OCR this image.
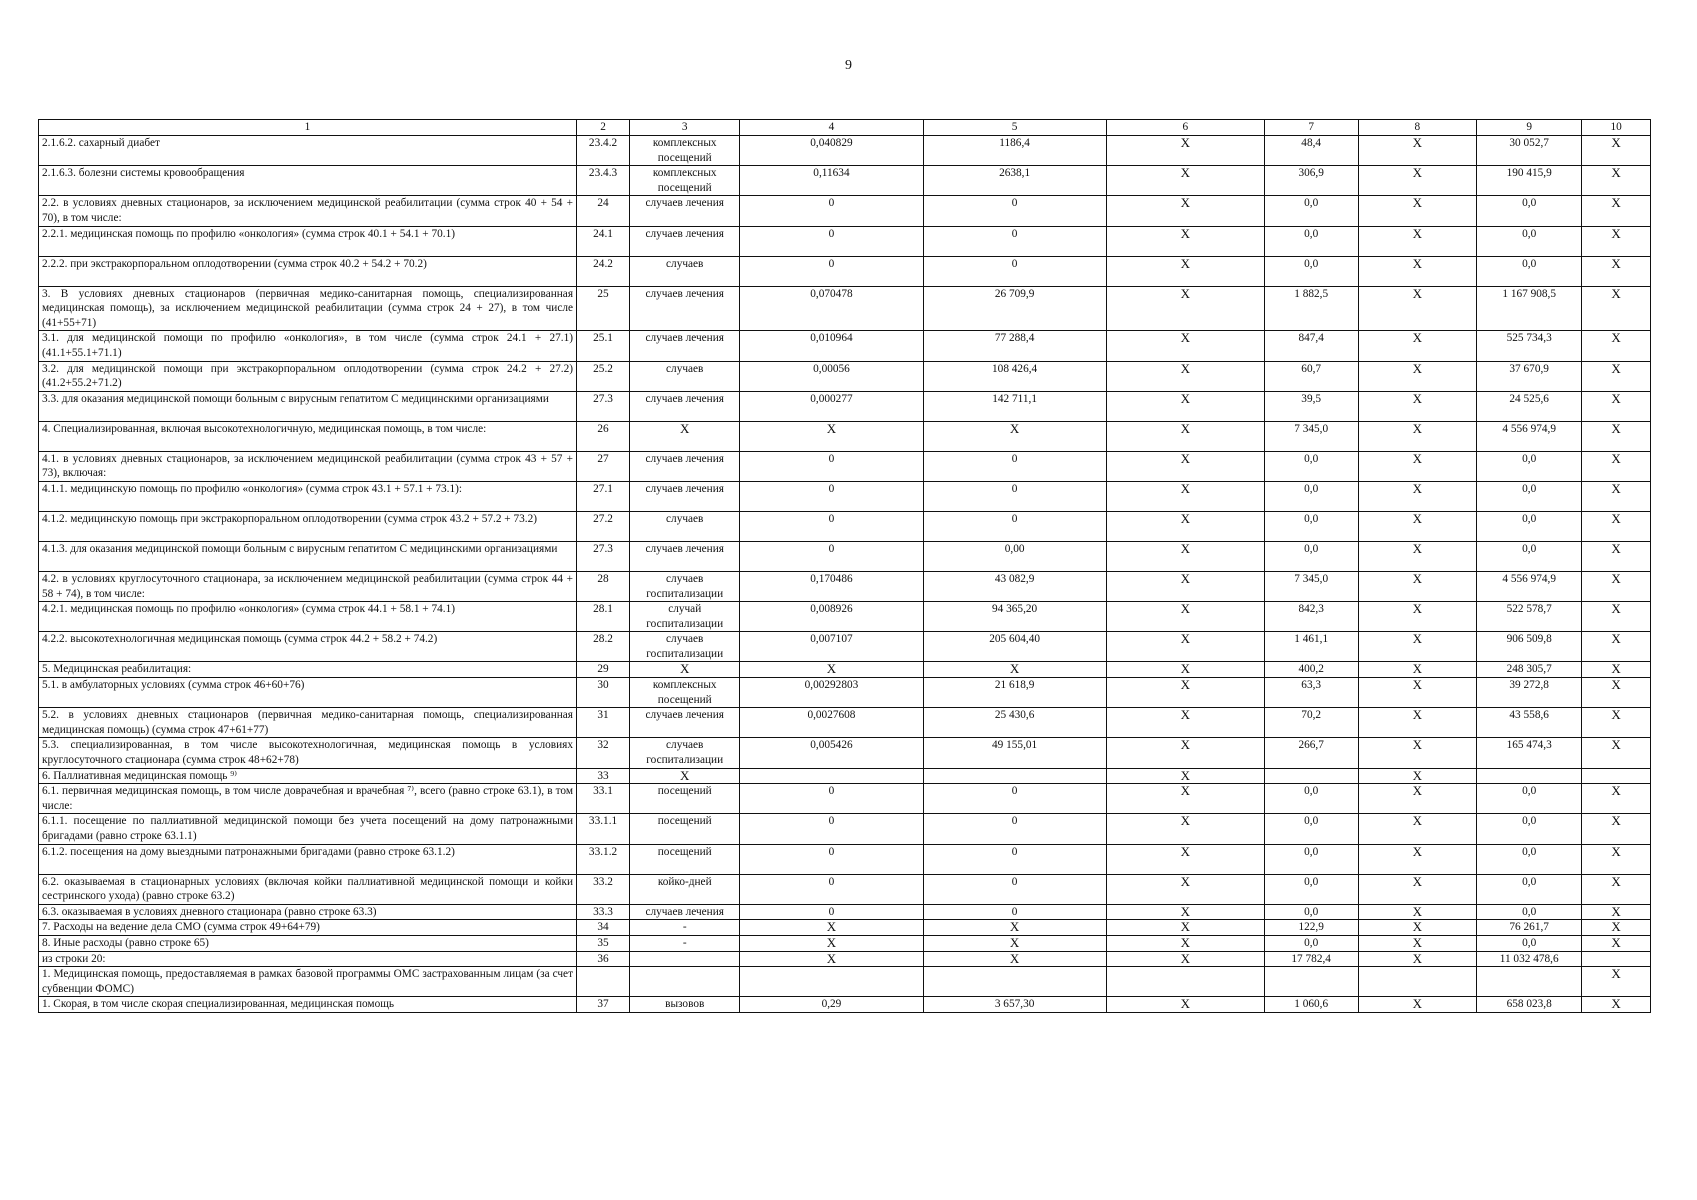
9
1	2	3	4	5	6	7	8	9	10
2.1.6.2. сахарный диабет	23.4.2	комплексных посещений	0,040829	1186,4	Х	48,4	Х	30 052,7	Х
2.1.6.3. болезни системы кровообращения	23.4.3	комплексных посещений	0,11634	2638,1	Х	306,9	Х	190 415,9	Х
2.2. в условиях дневных стационаров, за исключением медицинской реабилитации (сумма строк 40 + 54 + 70), в том числе:	24	случаев лечения	0	0	Х	0,0	Х	0,0	Х
2.2.1. медицинская помощь по профилю «онкология» (сумма строк 40.1 + 54.1 + 70.1)	24.1	случаев лечения	0	0	Х	0,0	Х	0,0	Х
2.2.2. при экстракорпоральном оплодотворении (сумма строк 40.2 + 54.2 + 70.2)	24.2	случаев	0	0	Х	0,0	Х	0,0	Х
3. В условиях дневных стационаров (первичная медико-санитарная помощь, специализированная медицинская помощь), за исключением медицинской реабилитации (сумма строк 24 + 27), в том числе (41+55+71)	25	случаев лечения	0,070478	26 709,9	Х	1 882,5	Х	1 167 908,5	Х
3.1. для медицинской помощи по профилю «онкология», в том числе (сумма строк 24.1 + 27.1) (41.1+55.1+71.1)	25.1	случаев лечения	0,010964	77 288,4	Х	847,4	Х	525 734,3	Х
3.2. для медицинской помощи при экстракорпоральном оплодотворении (сумма строк 24.2 + 27.2) (41.2+55.2+71.2)	25.2	случаев	0,00056	108 426,4	Х	60,7	Х	37 670,9	Х
3.3. для оказания медицинской помощи больным с вирусным гепатитом С медицинскими организациями	27.3	случаев лечения	0,000277	142 711,1	Х	39,5	Х	24 525,6	Х
4. Специализированная, включая высокотехнологичную, медицинская помощь, в том числе:	26	Х	Х	Х	Х	7 345,0	Х	4 556 974,9	Х
4.1. в условиях дневных стационаров, за исключением медицинской реабилитации (сумма строк 43 + 57 + 73), включая:	27	случаев лечения	0	0	Х	0,0	Х	0,0	Х
4.1.1. медицинскую помощь по профилю «онкология» (сумма строк 43.1 + 57.1 + 73.1):	27.1	случаев лечения	0	0	Х	0,0	Х	0,0	Х
4.1.2. медицинскую помощь при экстракорпоральном оплодотворении (сумма строк 43.2 + 57.2 + 73.2)	27.2	случаев	0	0	Х	0,0	Х	0,0	Х
4.1.3. для оказания медицинской помощи больным с вирусным гепатитом С медицинскими организациями	27.3	случаев лечения	0	0,00	Х	0,0	Х	0,0	Х
4.2. в условиях круглосуточного стационара, за исключением медицинской реабилитации (сумма строк 44 + 58 + 74), в том числе:	28	случаев госпитализации	0,170486	43 082,9	Х	7 345,0	Х	4 556 974,9	Х
4.2.1. медицинская помощь по профилю «онкология» (сумма строк 44.1 + 58.1 + 74.1)	28.1	случай госпитализации	0,008926	94 365,20	Х	842,3	Х	522 578,7	Х
4.2.2. высокотехнологичная медицинская помощь (сумма строк 44.2 + 58.2 + 74.2)	28.2	случаев госпитализации	0,007107	205 604,40	Х	1 461,1	Х	906 509,8	Х
5. Медицинская реабилитация:	29	Х	Х	Х	Х	400,2	Х	248 305,7	Х
5.1. в амбулаторных условиях (сумма строк 46+60+76)	30	комплексных посещений	0,00292803	21 618,9	Х	63,3	Х	39 272,8	Х
5.2. в условиях дневных стационаров (первичная медико-санитарная помощь, специализированная медицинская помощь) (сумма строк 47+61+77)	31	случаев лечения	0,0027608	25 430,6	Х	70,2	Х	43 558,6	Х
5.3. специализированная, в том числе высокотехнологичная, медицинская помощь в условиях круглосуточного стационара (сумма строк 48+62+78)	32	случаев госпитализации	0,005426	49 155,01	Х	266,7	Х	165 474,3	Х
6. Паллиативная медицинская помощь ⁹⁾	33	Х			Х		Х		
6.1. первичная медицинская помощь, в том числе доврачебная и врачебная ⁷⁾, всего (равно строке 63.1), в том числе:	33.1	посещений	0	0	Х	0,0	Х	0,0	Х
6.1.1. посещение по паллиативной медицинской помощи без учета посещений на дому патронажными бригадами (равно строке 63.1.1)	33.1.1	посещений	0	0	Х	0,0	Х	0,0	Х
6.1.2. посещения на дому выездными патронажными бригадами (равно строке 63.1.2)	33.1.2	посещений	0	0	Х	0,0	Х	0,0	Х
6.2. оказываемая в стационарных условиях (включая койки паллиативной медицинской помощи и койки сестринского ухода) (равно строке 63.2)	33.2	койко-дней	0	0	Х	0,0	Х	0,0	Х
6.3. оказываемая в условиях дневного стационара (равно строке 63.3)	33.3	случаев лечения	0	0	Х	0,0	Х	0,0	Х
7. Расходы на ведение дела СМО (сумма строк 49+64+79)	34	-	Х	Х	Х	122,9	Х	76 261,7	Х
8. Иные расходы (равно строке 65)	35	-	Х	Х	Х	0,0	Х	0,0	Х
из строки 20:	36		Х	Х	Х	17 782,4	Х	11 032 478,6	
1. Медицинская помощь, предоставляемая в рамках базовой программы ОМС застрахованным лицам (за счет субвенции ФОМС)									Х
1. Скорая, в том числе скорая специализированная, медицинская помощь	37	вызовов	0,29	3 657,30	Х	1 060,6	Х	658 023,8	Х
